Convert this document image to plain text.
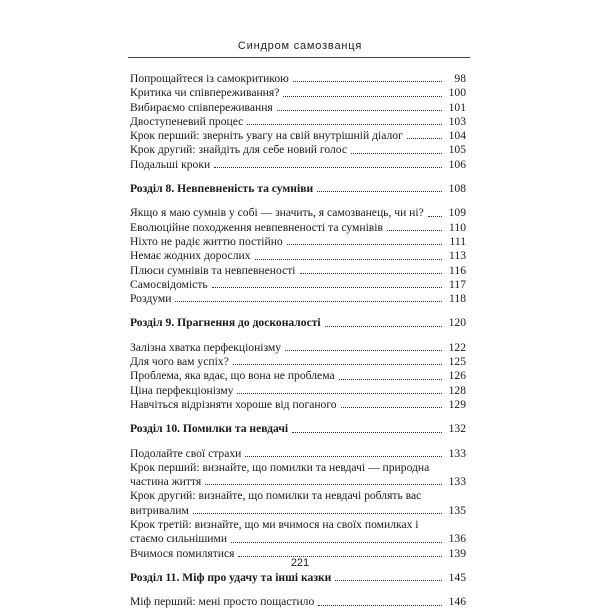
Синдром самозванця
Попрощайтеся із самокритикою	98
Критика чи співпереживання?	100
Вибираємо співпереживання	101
Двоступеневий процес	103
Крок перший: зверніть увагу на свій внутрішній діалог	104
Крок другий: знайдіть для себе новий голос	105
Подальші кроки	106
Розділ 8. Невпевненість та сумніви	108
Якщо я маю сумнів у собі — значить, я самозванець, чи ні? 109
Еволюційне походження невпевненості та сумнівів	110
Ніхто не радіє життю постійно	111
Немає жодних дорослих	113
Плюси сумнівів та невпевненості	116
Самосвідомість	117
Роздуми	118
Розділ 9. Прагнення до досконалості	120
Залізна хватка перфекціонізму	122
Для чого вам успіх?	125
Проблема, яка вдає, що вона не проблема	126
Ціна перфекціонізму	128
Навчіться відрізняти хороше від поганого	129
Розділ 10. Помилки та невдачі	132
Подолайте свої страхи	133
Крок перший: визнайте, що помилки та невдачі — природна
частина життя	133
Крок другий: визнайте, що помилки та невдачі роблять вас
витривалим	135
Крок третій: визнайте, що ми вчимося на своїх помилках і
стаємо сильнішими	136
Вчимося помилятися	139
Розділ 11. Міф про удачу та інші казки	145
Міф перший: мені просто пощастило	146
221
